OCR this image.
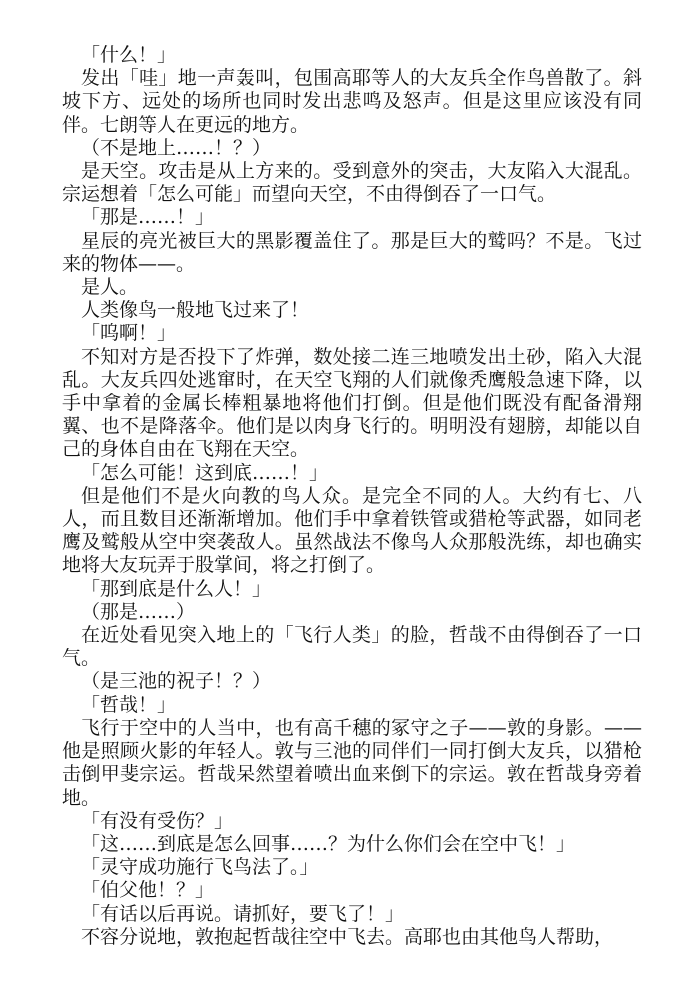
「什么！」

发出「哇」地一声轰叫，包围高耶等人的大友兵全作鸟兽散了。斜坡下方、远处的场所也同时发出悲鸣及怒声。但是这里应该没有同伴。七朗等人在更远的地方。

（不是地上……！？）

是天空。攻击是从上方来的。受到意外的突击，大友陷入大混乱。宗运想着「怎么可能」而望向天空，不由得倒吞了一口气。

「那是……！」

星辰的亮光被巨大的黑影覆盖住了。那是巨大的鹫吗？不是。飞过来的物体——。

是人。

人类像鸟一般地飞过来了！

「呜啊！」

不知对方是否投下了炸弹，数处接二连三地喷发出土砂，陷入大混乱。大友兵四处逃窜时，在天空飞翔的人们就像秃鹰般急速下降，以手中拿着的金属长棒粗暴地将他们打倒。但是他们既没有配备滑翔翼、也不是降落伞。他们是以肉身飞行的。明明没有翅膀，却能以自己的身体自由在飞翔在天空。

「怎么可能！这到底……！」

但是他们不是火向教的鸟人众。是完全不同的人。大约有七、八人，而且数目还渐渐增加。他们手中拿着铁管或猎枪等武器，如同老鹰及鹫般从空中突袭敌人。虽然战法不像鸟人众那般洗练，却也确实地将大友玩弄于股掌间，将之打倒了。

「那到底是什么人！」

（那是……）

在近处看见突入地上的「飞行人类」的脸，哲哉不由得倒吞了一口气。

（是三池的祝子！？）

「哲哉！」

飞行于空中的人当中，也有高千穗的冢守之子——敦的身影。——他是照顾火影的年轻人。敦与三池的同伴们一同打倒大友兵，以猎枪击倒甲斐宗运。哲哉呆然望着喷出血来倒下的宗运。敦在哲哉身旁着地。

「有没有受伤？」

「这……到底是怎么回事……？为什么你们会在空中飞！」

「灵守成功施行飞鸟法了。」

「伯父他！？」

「有话以后再说。请抓好，要飞了！」

不容分说地，敦抱起哲哉往空中飞去。高耶也由其他鸟人帮助，
